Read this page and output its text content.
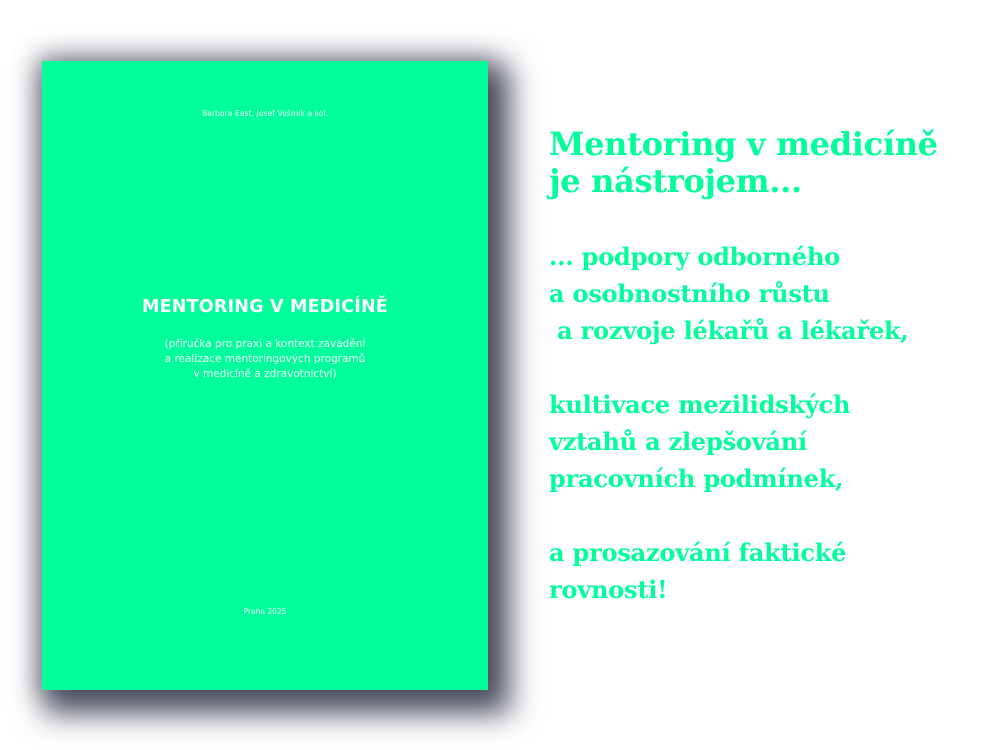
Barbora East, Josef Vošmik a kol.
MENTORING V MEDICÍNĚ
(příručka pro praxi a kontext zavádění
a realizace mentoringových programů
v medicíně a zdravotnictví)
Praha 2025
Mentoring v medicíně
je nástrojem...
... podpory odborného
a osobnostního růstu
a rozvoje lékařů a lékařek,
kultivace mezilidských
vztahů a zlepšování
pracovních podmínek,
a prosazování faktické
rovnosti!
